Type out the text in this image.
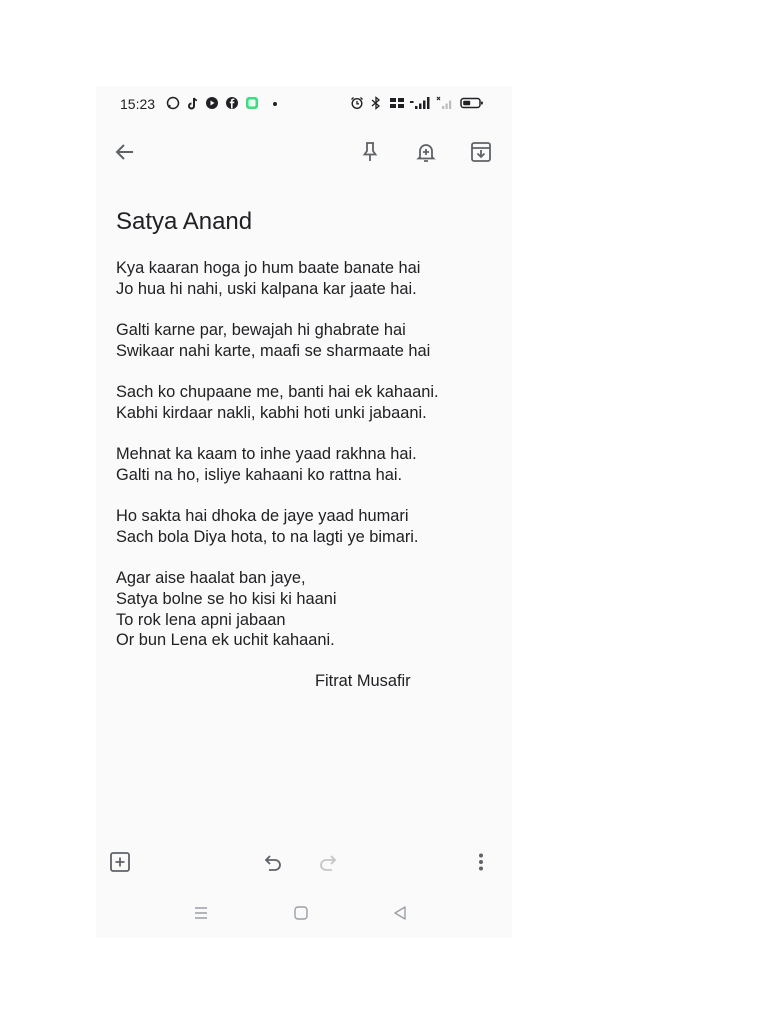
15:23
Satya Anand
Kya kaaran hoga jo hum baate banate hai
Jo hua hi nahi, uski kalpana kar jaate hai.
Galti karne par, bewajah hi ghabrate hai
Swikaar nahi karte, maafi se sharmaate hai
Sach ko chupaane me, banti hai ek kahaani.
Kabhi kirdaar nakli, kabhi hoti unki jabaani.
Mehnat ka kaam to inhe yaad rakhna hai.
Galti na ho, isliye kahaani ko rattna hai.
Ho sakta hai dhoka de jaye yaad humari
Sach bola Diya hota, to na lagti ye bimari.
Agar aise haalat ban jaye,
Satya bolne se ho kisi ki haani
To rok lena apni jabaan
Or bun Lena ek uchit kahaani.
Fitrat Musafir
